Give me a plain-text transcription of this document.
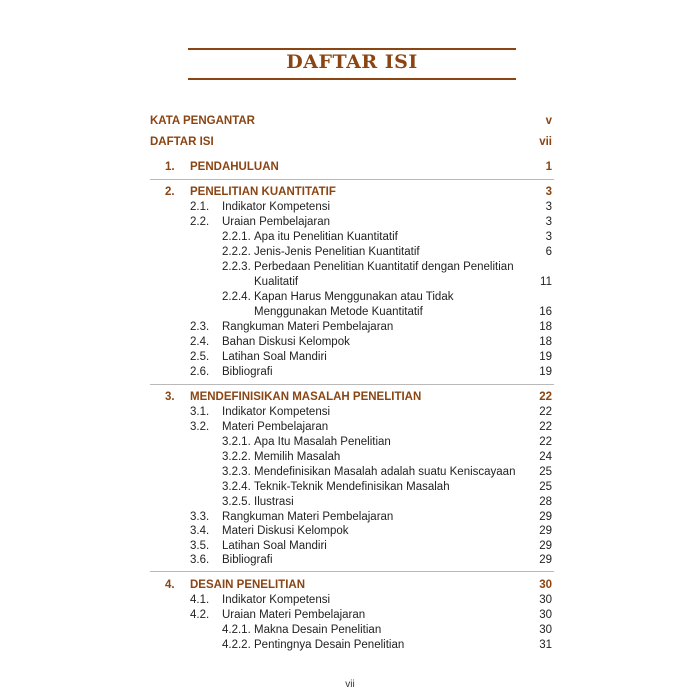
DAFTAR ISI
KATA PENGANTAR	v
DAFTAR ISI	vii
1. PENDAHULUAN	1
2. PENELITIAN KUANTITATIF	3
2.1. Indikator Kompetensi	3
2.2. Uraian Pembelajaran	3
2.2.1. Apa itu Penelitian Kuantitatif	3
2.2.2. Jenis-Jenis Penelitian Kuantitatif	6
2.2.3. Perbedaan Penelitian Kuantitatif dengan Penelitian
Kualitatif	11
2.2.4. Kapan Harus Menggunakan atau Tidak
Menggunakan Metode Kuantitatif	16
2.3. Rangkuman Materi Pembelajaran	18
2.4. Bahan Diskusi Kelompok	18
2.5. Latihan Soal Mandiri	19
2.6. Bibliografi	19
3. MENDEFINISIKAN MASALAH PENELITIAN	22
3.1. Indikator Kompetensi	22
3.2. Materi Pembelajaran	22
3.2.1. Apa Itu Masalah Penelitian	22
3.2.2. Memilih Masalah	24
3.2.3. Mendefinisikan Masalah adalah suatu Keniscayaan 25
3.2.4. Teknik-Teknik Mendefinisikan Masalah	25
3.2.5. Ilustrasi	28
3.3. Rangkuman Materi Pembelajaran	29
3.4. Materi Diskusi Kelompok	29
3.5. Latihan Soal Mandiri	29
3.6. Bibliografi	29
4. DESAIN PENELITIAN	30
4.1. Indikator Kompetensi	30
4.2. Uraian Materi Pembelajaran	30
4.2.1. Makna Desain Penelitian	30
4.2.2. Pentingnya Desain Penelitian	31
vii
